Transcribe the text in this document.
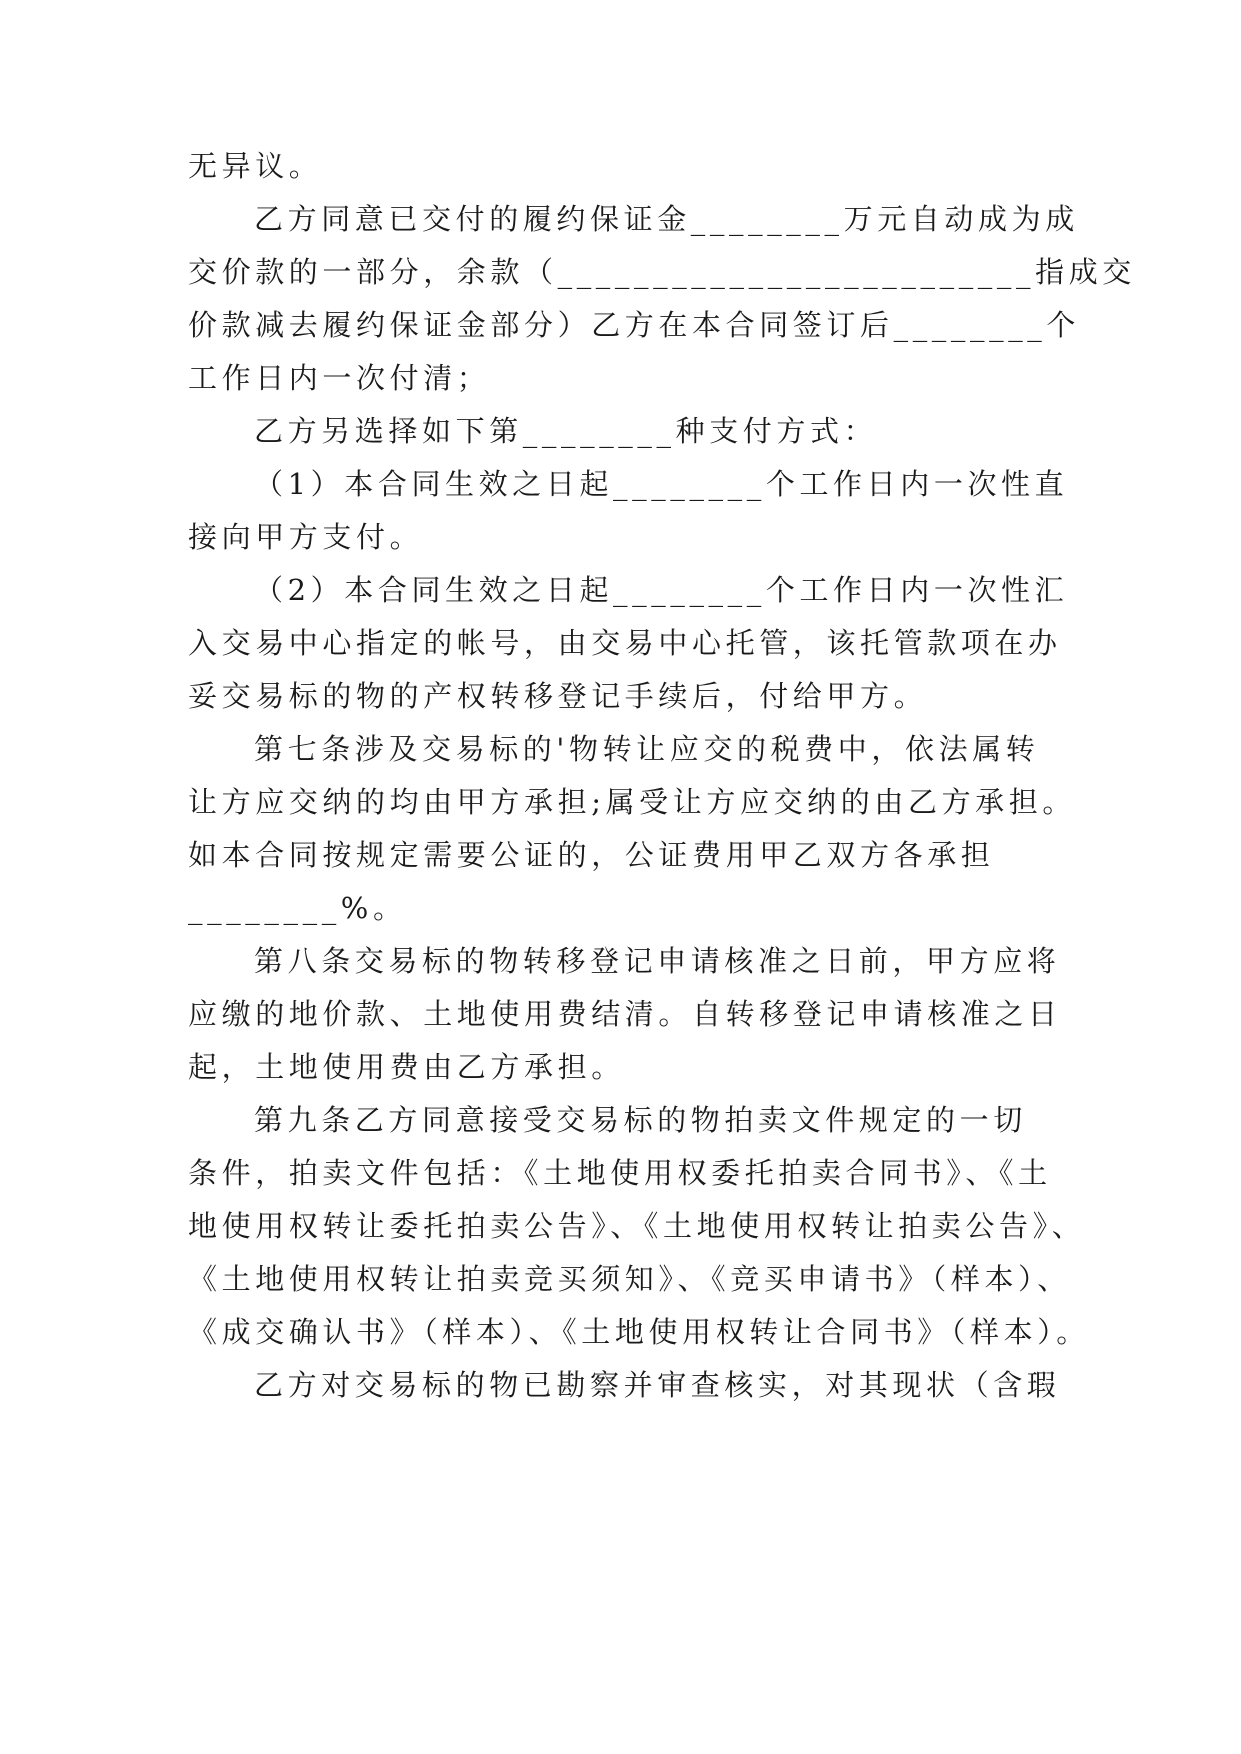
无异议。

乙方同意已交付的履约保证金________万元自动成为成

交价款的一部分，余款（_________________________指成交

价款减去履约保证金部分）乙方在本合同签订后________个

工作日内一次付清；

乙方另选择如下第________种支付方式：

（1）本合同生效之日起________个工作日内一次性直

接向甲方支付。

（2）本合同生效之日起________个工作日内一次性汇

入交易中心指定的帐号，由交易中心托管，该托管款项在办

妥交易标的物的产权转移登记手续后，付给甲方。

第七条涉及交易标的'物转让应交的税费中，依法属转

让方应交纳的均由甲方承担;属受让方应交纳的由乙方承担。

如本合同按规定需要公证的，公证费用甲乙双方各承担

________%。

第八条交易标的物转移登记申请核准之日前，甲方应将

应缴的地价款、土地使用费结清。自转移登记申请核准之日

起，土地使用费由乙方承担。

第九条乙方同意接受交易标的物拍卖文件规定的一切

条件，拍卖文件包括：《土地使用权委托拍卖合同书》、《土

地使用权转让委托拍卖公告》、《土地使用权转让拍卖公告》、

《土地使用权转让拍卖竞买须知》、《竞买申请书》（样本）、

《成交确认书》（样本）、《土地使用权转让合同书》（样本）。

乙方对交易标的物已勘察并审查核实，对其现状（含瑕
